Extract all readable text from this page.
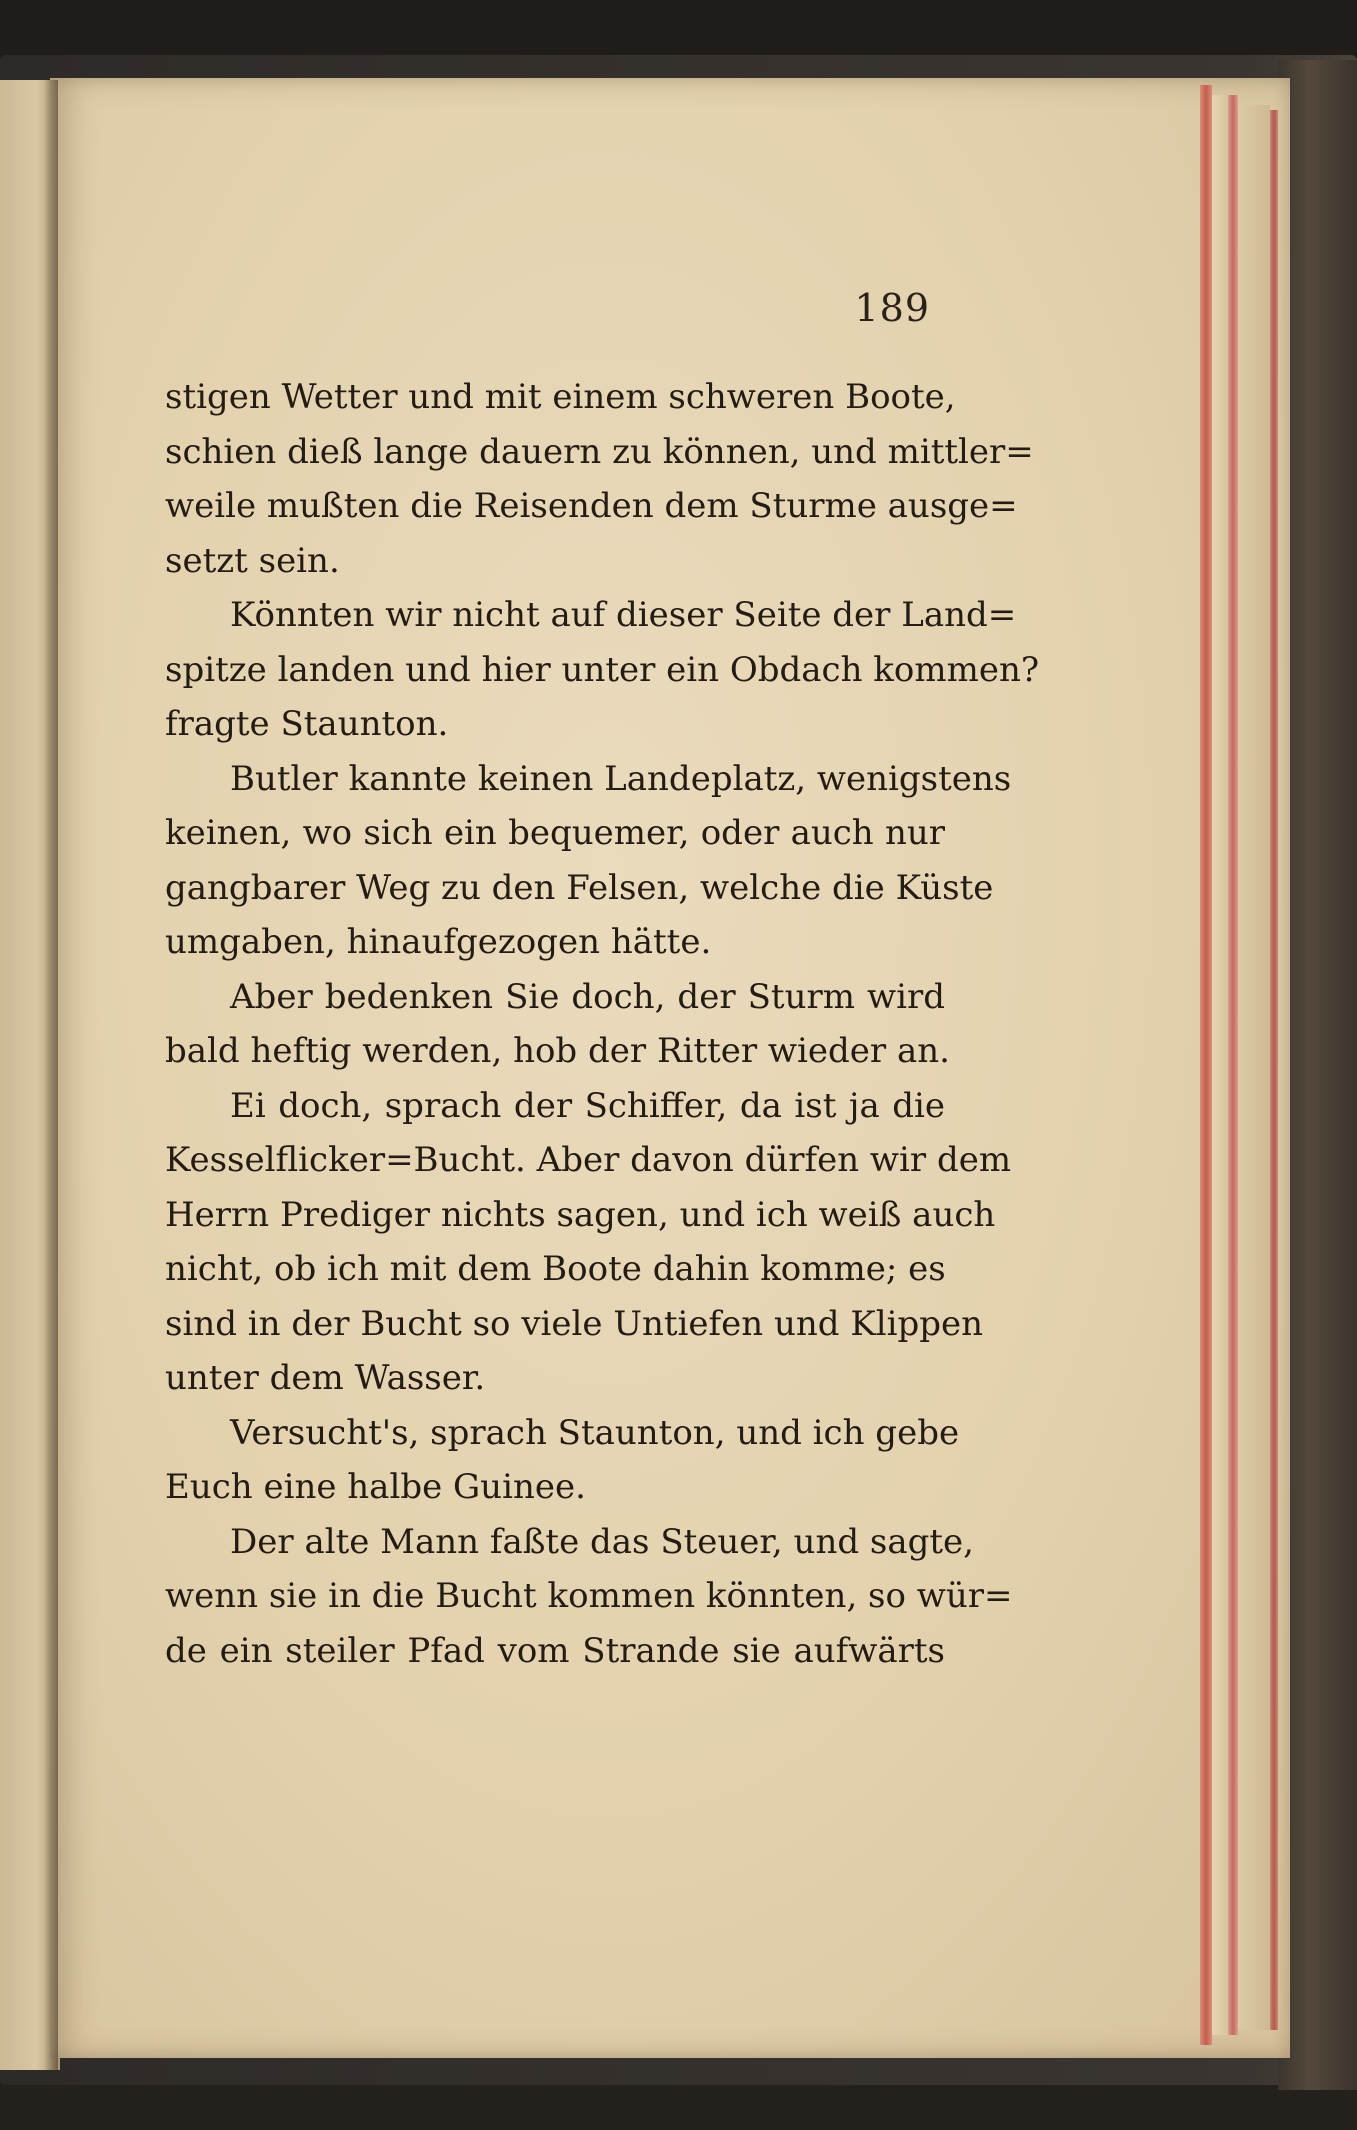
189
stigen Wetter und mit einem schweren Boote,
schien dieß lange dauern zu können, und mittler=
weile mußten die Reisenden dem Sturme ausge=
setzt sein.
Könnten wir nicht auf dieser Seite der Land=
spitze landen und hier unter ein Obdach kommen?
fragte Staunton.
Butler kannte keinen Landeplatz, wenigstens
keinen, wo sich ein bequemer, oder auch nur
gangbarer Weg zu den Felsen, welche die Küste
umgaben, hinaufgezogen hätte.
Aber bedenken Sie doch, der Sturm wird
bald heftig werden, hob der Ritter wieder an.
Ei doch, sprach der Schiffer, da ist ja die
Kesselflicker=Bucht. Aber davon dürfen wir dem
Herrn Prediger nichts sagen, und ich weiß auch
nicht, ob ich mit dem Boote dahin komme; es
sind in der Bucht so viele Untiefen und Klippen
unter dem Wasser.
Versucht's, sprach Staunton, und ich gebe
Euch eine halbe Guinee.
Der alte Mann faßte das Steuer, und sagte,
wenn sie in die Bucht kommen könnten, so wür=
de ein steiler Pfad vom Strande sie aufwärts
